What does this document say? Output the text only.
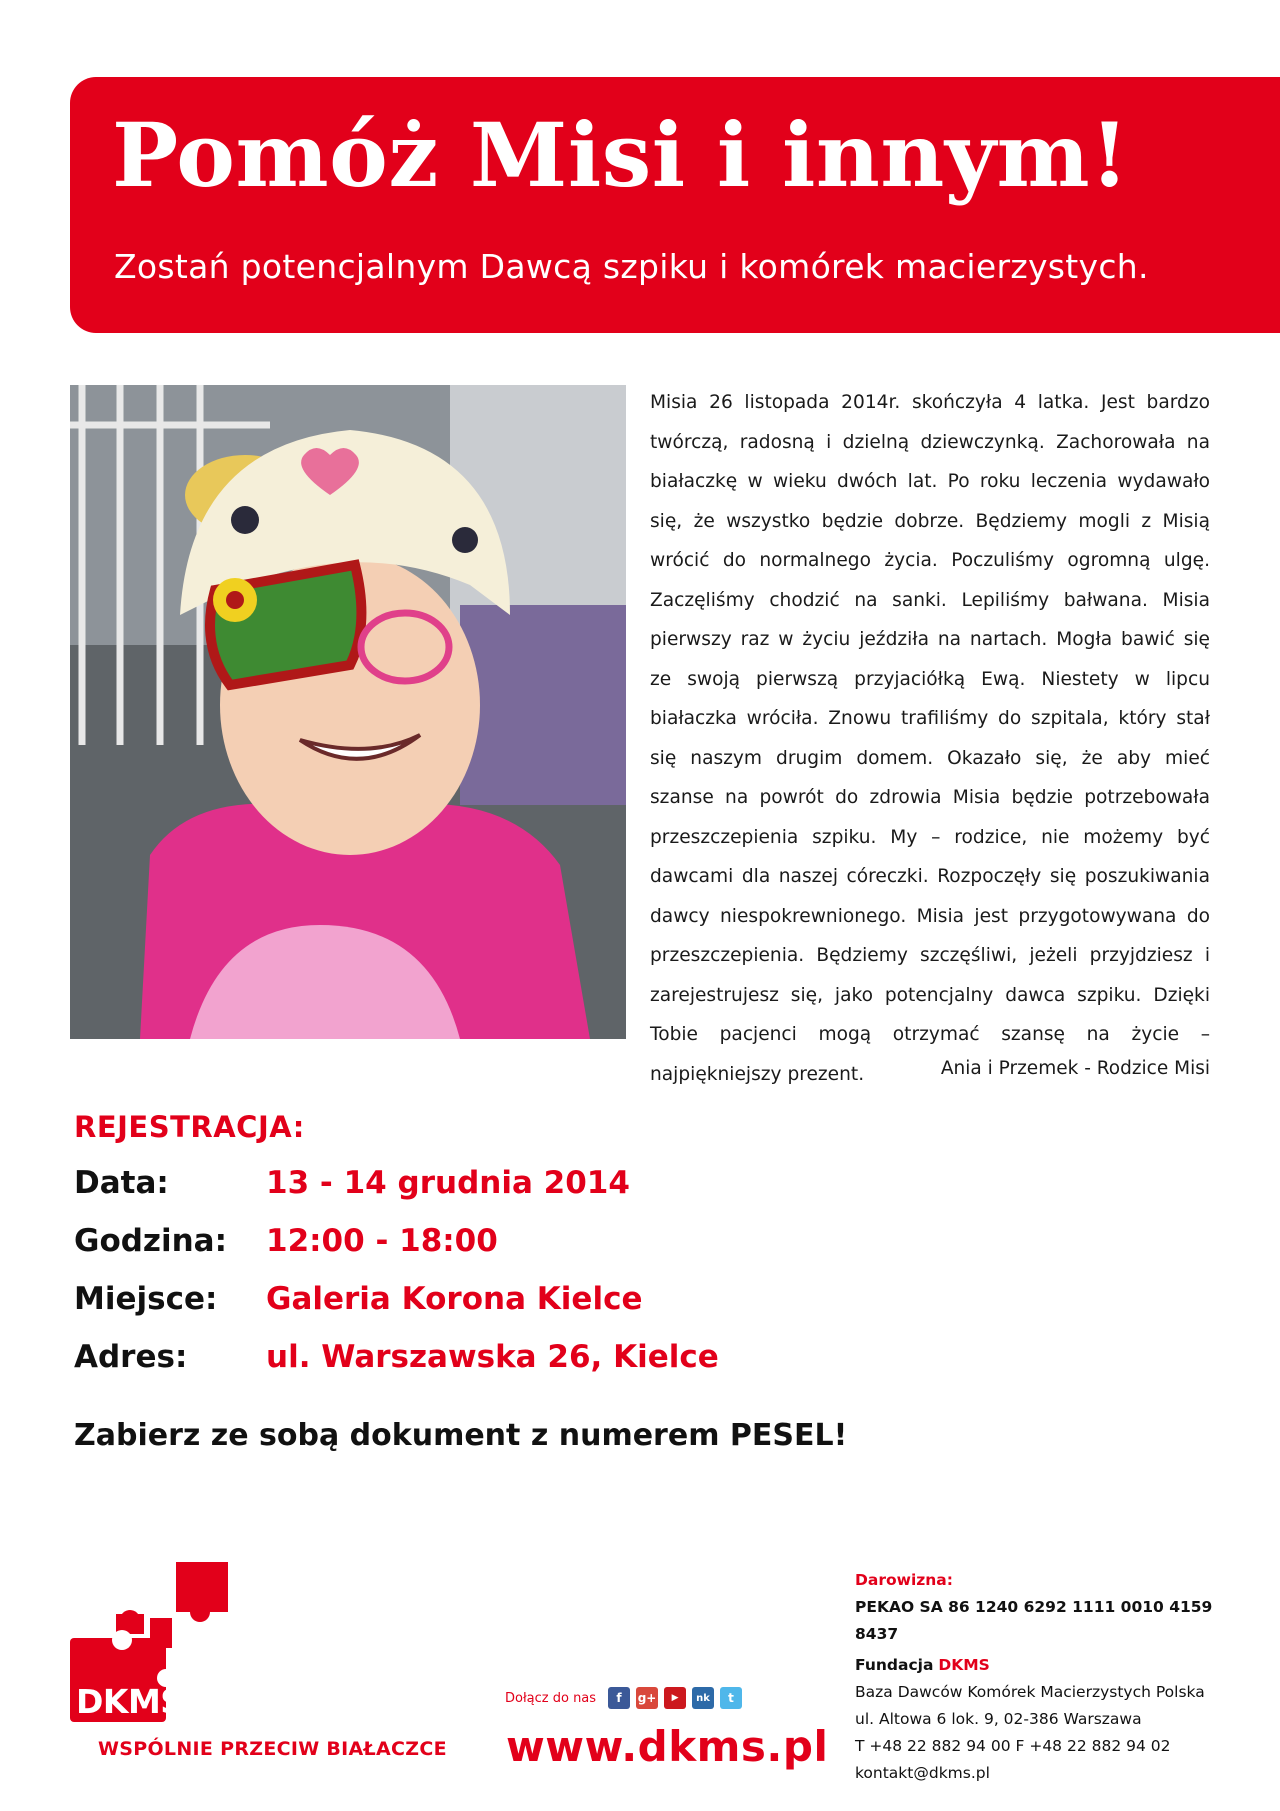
Pomóż Misi i innym!
Zostań potencjalnym Dawcą szpiku i komórek macierzystych.
Misia 26 listopada 2014r. skończyła 4 latka. Jest bardzo twórczą, radosną i dzielną dziewczynką. Zachorowała na białaczkę w wieku dwóch lat. Po roku leczenia wydawało się, że wszystko będzie dobrze. Będziemy mogli z Misią wrócić do normalnego życia. Poczuliśmy ogromną ulgę. Zaczęliśmy chodzić na sanki. Lepiliśmy bałwana. Misia pierwszy raz w życiu jeździła na nartach. Mogła bawić się ze swoją pierwszą przyjaciółką Ewą. Niestety w lipcu białaczka wróciła. Znowu trafiliśmy do szpitala, który stał się naszym drugim domem. Okazało się, że aby mieć szanse na powrót do zdrowia Misia będzie potrzebowała przeszczepienia szpiku. My – rodzice, nie możemy być dawcami dla naszej córeczki. Rozpoczęły się poszukiwania dawcy niespokrewnionego. Misia jest przygotowywana do przeszczepienia. Będziemy szczęśliwi, jeżeli przyjdziesz i zarejestrujesz się, jako potencjalny dawca szpiku. Dzięki Tobie pacjenci mogą otrzymać szansę na życie – najpiękniejszy prezent.	Ania i Przemek - Rodzice Misi
REJESTRACJA:
Data:	13 - 14 grudnia 2014
Godzina: 12:00 - 18:00
Miejsce: Galeria Korona Kielce
Adres:	ul. Warszawska 26, Kielce
Zabierz ze sobą dokument z numerem PESEL!
DKMS
WSPÓLNIE PRZECIW BIAŁACZCE
Dołącz do nas	f	g+	▶	nk	t
www.dkms.pl
Darowizna:
PEKAO SA 86 1240 6292 1111 0010 4159 8437
Fundacja DKMS
Baza Dawców Komórek Macierzystych Polska
ul. Altowa 6 lok. 9, 02-386 Warszawa
T +48 22 882 94 00 F +48 22 882 94 02
kontakt@dkms.pl
